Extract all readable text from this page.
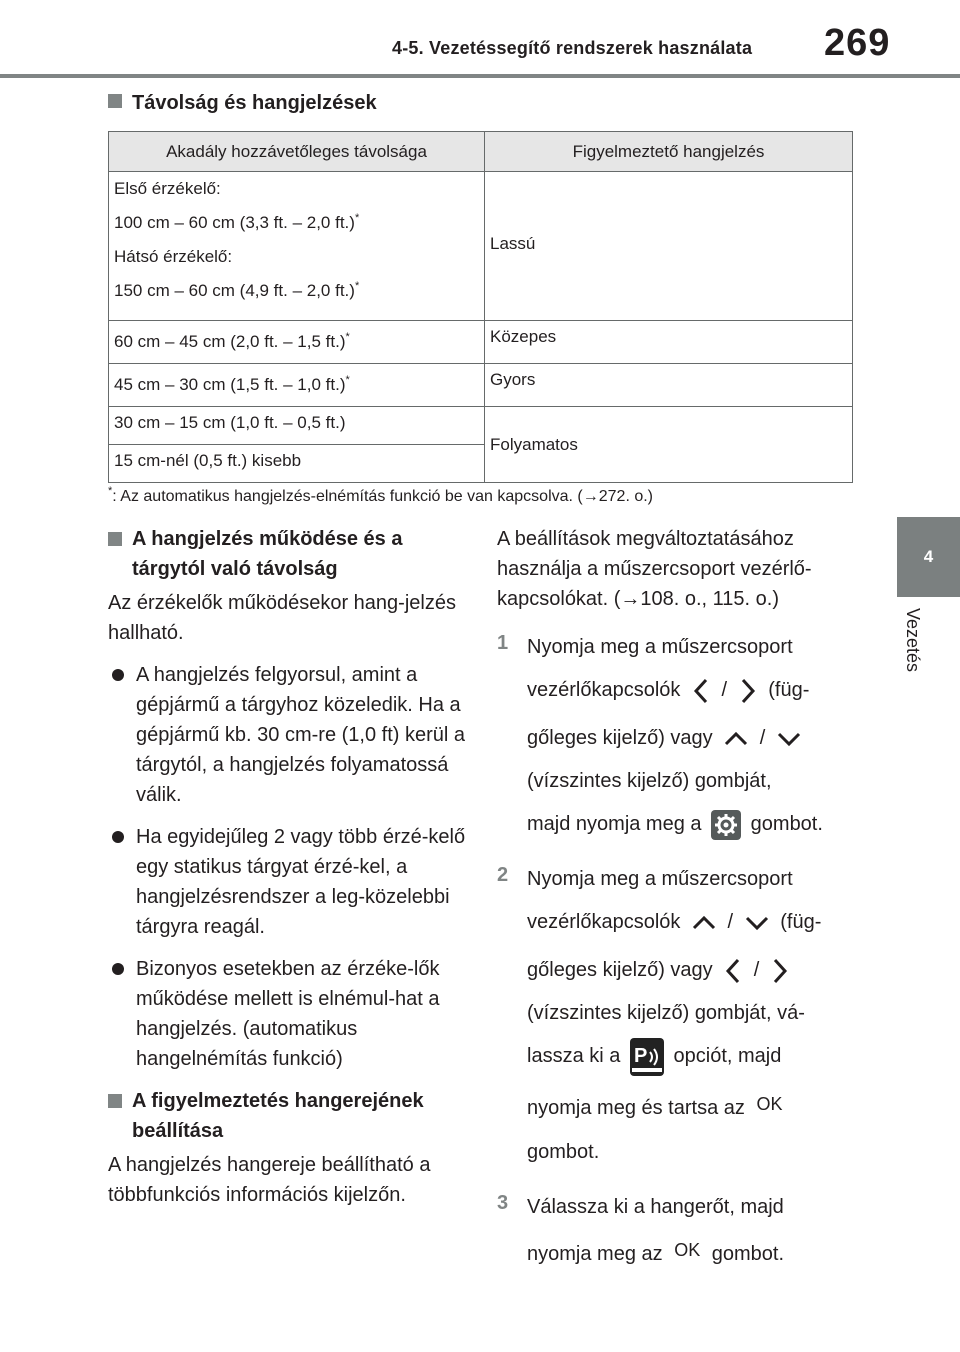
4-5. Vezetéssegítő rendszerek használata 269
4
Vezetés
Távolság és hangjelzések
Akadály hozzávetőleges távolsága	Figyelmeztető hangjelzés

Első érzékelő:

100 cm – 60 cm (3,3 ft. – 2,0 ft.)*

Hátsó érzékelő:

150 cm – 60 cm (4,9 ft. – 2,0 ft.)*	Lassú
60 cm – 45 cm (2,0 ft. – 1,5 ft.)*	Közepes
45 cm – 30 cm (1,5 ft. – 1,0 ft.)*	Gyors
30 cm – 15 cm (1,0 ft. – 0,5 ft.)	Folyamatos
15 cm-nél (0,5 ft.) kisebb	
*: Az automatikus hangjelzés-elnémítás funkció be van kapcsolva. (→272. o.)
A hangjelzés működése és a tárgytól való távolság
Az érzékelők működésekor hang-jelzés hallható.
A hangjelzés felgyorsul, amint a gépjármű a tárgyhoz közeledik. Ha a gépjármű kb. 30 cm-re (1,0 ft) kerül a tárgytól, a hangjelzés folyamatossá válik.
Ha egyidejűleg 2 vagy több érzé-kelő egy statikus tárgyat érzé-kel, a hangjelzésrendszer a leg-közelebbi tárgyra reagál.
Bizonyos esetekben az érzéke-lők működése mellett is elnémul-hat a hangjelzés. (automatikus hangelnémítás funkció)
A figyelmeztetés hangerejének beállítása
A hangjelzés hangereje beállítható a többfunkciós információs kijelzőn.
A beállítások megváltoztatásához használja a műszercsoport vezérlő-kapcsolókat. (→108. o., 115. o.)
1 Nyomja meg a műszercsoport
vezérlőkapcsolók / (füg-
gőleges kijelző) vagy /
(vízszintes kijelző) gombját,
majd nyomja meg a gombot.
2 Nyomja meg a műszercsoport
vezérlőkapcsolók / (füg-
gőleges kijelző) vagy /
(vízszintes kijelző) gombját, vá-
lassza ki a P opciót, majd
nyomja meg és tartsa az OK
gombot.
3 Válassza ki a hangerőt, majd
nyomja meg az OK gombot.
